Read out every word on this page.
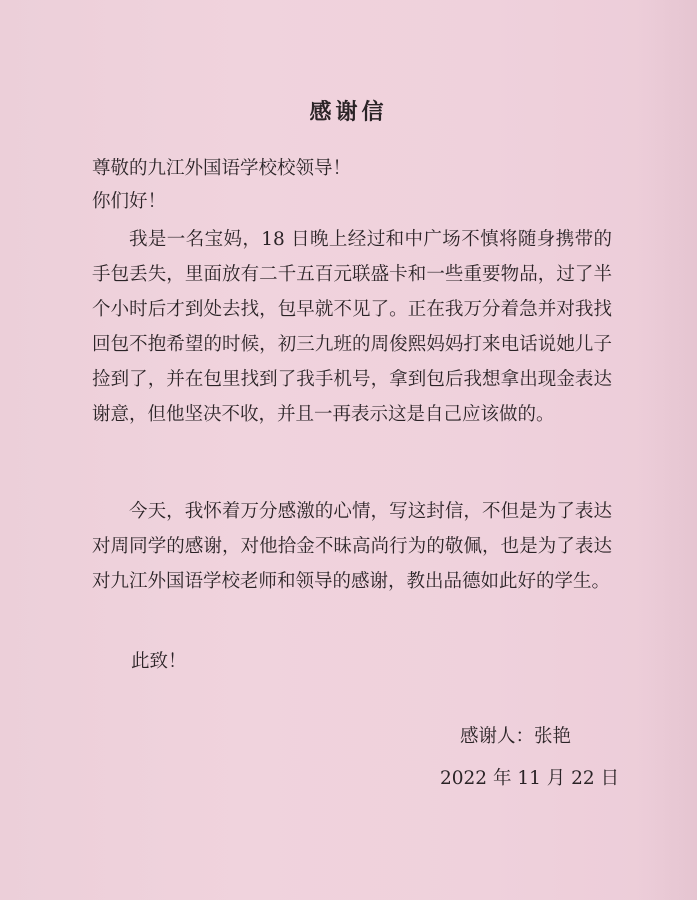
感谢信
尊敬的九江外国语学校校领导！
你们好！
我是一名宝妈，18 日晚上经过和中广场不慎将随身携带的手包丢失，里面放有二千五百元联盛卡和一些重要物品，过了半个小时后才到处去找，包早就不见了。正在我万分着急并对我找回包不抱希望的时候，初三九班的周俊熙妈妈打来电话说她儿子捡到了，并在包里找到了我手机号，拿到包后我想拿出现金表达谢意，但他坚决不收，并且一再表示这是自己应该做的。
今天，我怀着万分感激的心情，写这封信，不但是为了表达对周同学的感谢，对他拾金不昧高尚行为的敬佩，也是为了表达对九江外国语学校老师和领导的感谢，教出品德如此好的学生。
此致！
感谢人：张艳
2022 年 11 月 22 日
